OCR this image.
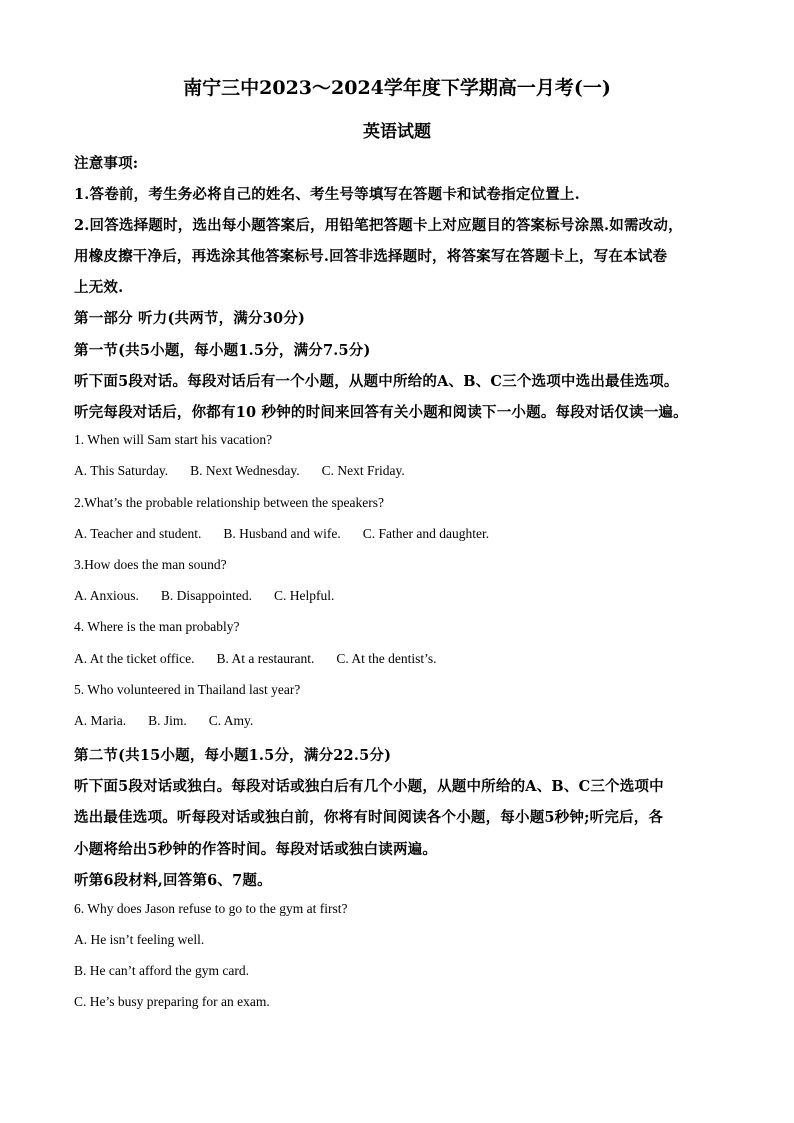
南宁三中2023～2024学年度下学期高一月考(一)
英语试题
注意事项:
1.答卷前，考生务必将自己的姓名、考生号等填写在答题卡和试卷指定位置上.
2.回答选择题时，选出每小题答案后，用铅笔把答题卡上对应题目的答案标号涂黑.如需改动，
用橡皮擦干净后，再选涂其他答案标号.回答非选择题时，将答案写在答题卡上，写在本试卷
上无效.
第一部分 听力(共两节，满分30分)
第一节(共5小题，每小题1.5分，满分7.5分)
听下面5段对话。每段对话后有一个小题，从题中所给的A、B、C三个选项中选出最佳选项。
听完每段对话后，你都有10 秒钟的时间来回答有关小题和阅读下一小题。每段对话仅读一遍。
1. When will Sam start his vacation?
A. This Saturday. B. Next Wednesday. C. Next Friday.
2.What’s the probable relationship between the speakers?
A. Teacher and student. B. Husband and wife. C. Father and daughter.
3.How does the man sound?
A. Anxious. B. Disappointed. C. Helpful.
4. Where is the man probably?
A. At the ticket office. B. At a restaurant. C. At the dentist’s.
5. Who volunteered in Thailand last year?
A. Maria. B. Jim. C. Amy.
第二节(共15小题，每小题1.5分，满分22.5分)
听下面5段对话或独白。每段对话或独白后有几个小题，从题中所给的A、B、C三个选项中
选出最佳选项。听每段对话或独白前，你将有时间阅读各个小题，每小题5秒钟;听完后，各
小题将给出5秒钟的作答时间。每段对话或独白读两遍。
听第6段材料,回答第6、7题。
6. Why does Jason refuse to go to the gym at first?
A. He isn’t feeling well.
B. He can’t afford the gym card.
C. He’s busy preparing for an exam.
